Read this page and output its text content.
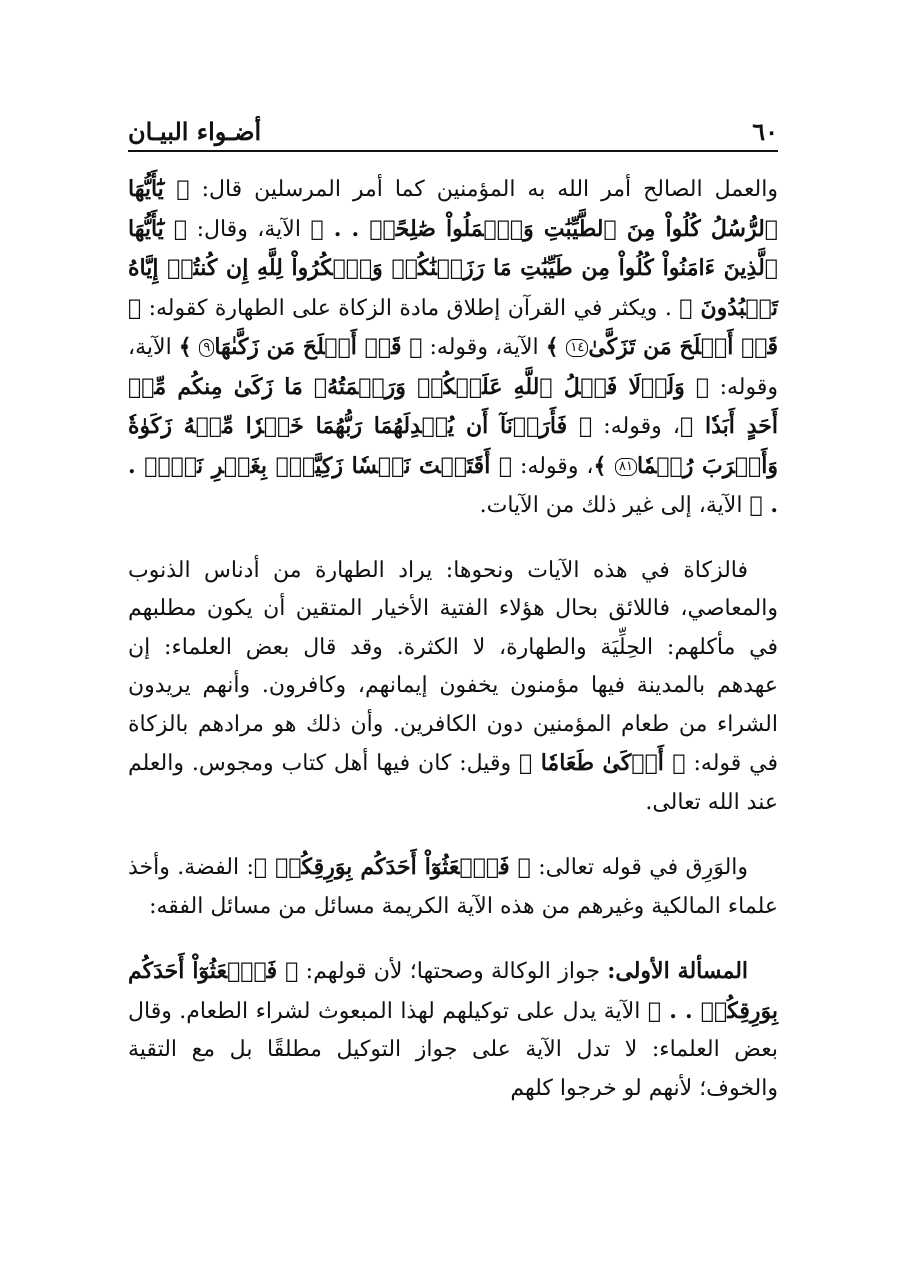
٦٠
أضـواء البيـان

والعمل الصالح أمر الله به المؤمنين كما أمر المرسلين قال: ﴿ يَٰٓأَيُّهَا ٱلرُّسُلُ كُلُواْ مِنَ ٱلطَّيِّبَٰتِ وَٱعۡمَلُواْ صَٰلِحًاۖ . . ﴾ الآية، وقال: ﴿ يَٰٓأَيُّهَا ٱلَّذِينَ ءَامَنُواْ كُلُواْ مِن طَيِّبَٰتِ مَا رَزَقۡنَٰكُمۡ وَٱشۡكُرُواْ لِلَّهِ إِن كُنتُمۡ إِيَّاهُ تَعۡبُدُونَ ﴾ . ويكثر في القرآن إطلاق مادة الزكاة على الطهارة كقوله: ﴿ قَدۡ أَفۡلَحَ مَن تَزَكَّىٰ١٤ ﴾ الآية، وقوله: ﴿ قَدۡ أَفۡلَحَ مَن زَكَّىٰهَا٩ ﴾ الآية، وقوله: ﴿ وَلَوۡلَا فَضۡلُ ٱللَّهِ عَلَيۡكُمۡ وَرَحۡمَتُهُۥ مَا زَكَىٰ مِنكُم مِّنۡ أَحَدٍ أَبَدٗا ﴾، وقوله: ﴿ فَأَرَدۡنَآ أَن يُبۡدِلَهُمَا رَبُّهُمَا خَيۡرٗا مِّنۡهُ زَكَوٰةٗ وَأَقۡرَبَ رُحۡمٗا٨١ ﴾، وقوله: ﴿ أَقَتَلۡتَ نَفۡسٗا زَكِيَّةَۢ بِغَيۡرِ نَفۡسٖ . . ﴾ الآية، إلى غير ذلك من الآيات.

فالزكاة في هذه الآيات ونحوها: يراد الطهارة من أدناس الذنوب والمعاصي، فاللائق بحال هؤلاء الفتية الأخيار المتقين أن يكون مطلبهم في مأكلهم: الحِلِّيَة والطهارة، لا الكثرة. وقد قال بعض العلماء: إن عهدهم بالمدينة فيها مؤمنون يخفون إيمانهم، وكافرون. وأنهم يريدون الشراء من طعام المؤمنين دون الكافرين. وأن ذلك هو مرادهم بالزكاة في قوله: ﴿ أَزۡكَىٰ طَعَامٗا ﴾ وقيل: كان فيها أهل كتاب ومجوس. والعلم عند الله تعالى.

والوَرِق في قوله تعالى: ﴿ فَٱبۡعَثُوٓاْ أَحَدَكُم بِوَرِقِكُمۡ ﴾: الفضة. وأخذ علماء المالكية وغيرهم من هذه الآية الكريمة مسائل من مسائل الفقه:

المسألة الأولى: جواز الوكالة وصحتها؛ لأن قولهم: ﴿ فَٱبۡعَثُوٓاْ أَحَدَكُم بِوَرِقِكُمۡ . . ﴾ الآية يدل على توكيلهم لهذا المبعوث لشراء الطعام. وقال بعض العلماء: لا تدل الآية على جواز التوكيل مطلقًا بل مع التقية والخوف؛ لأنهم لو خرجوا كلهم
